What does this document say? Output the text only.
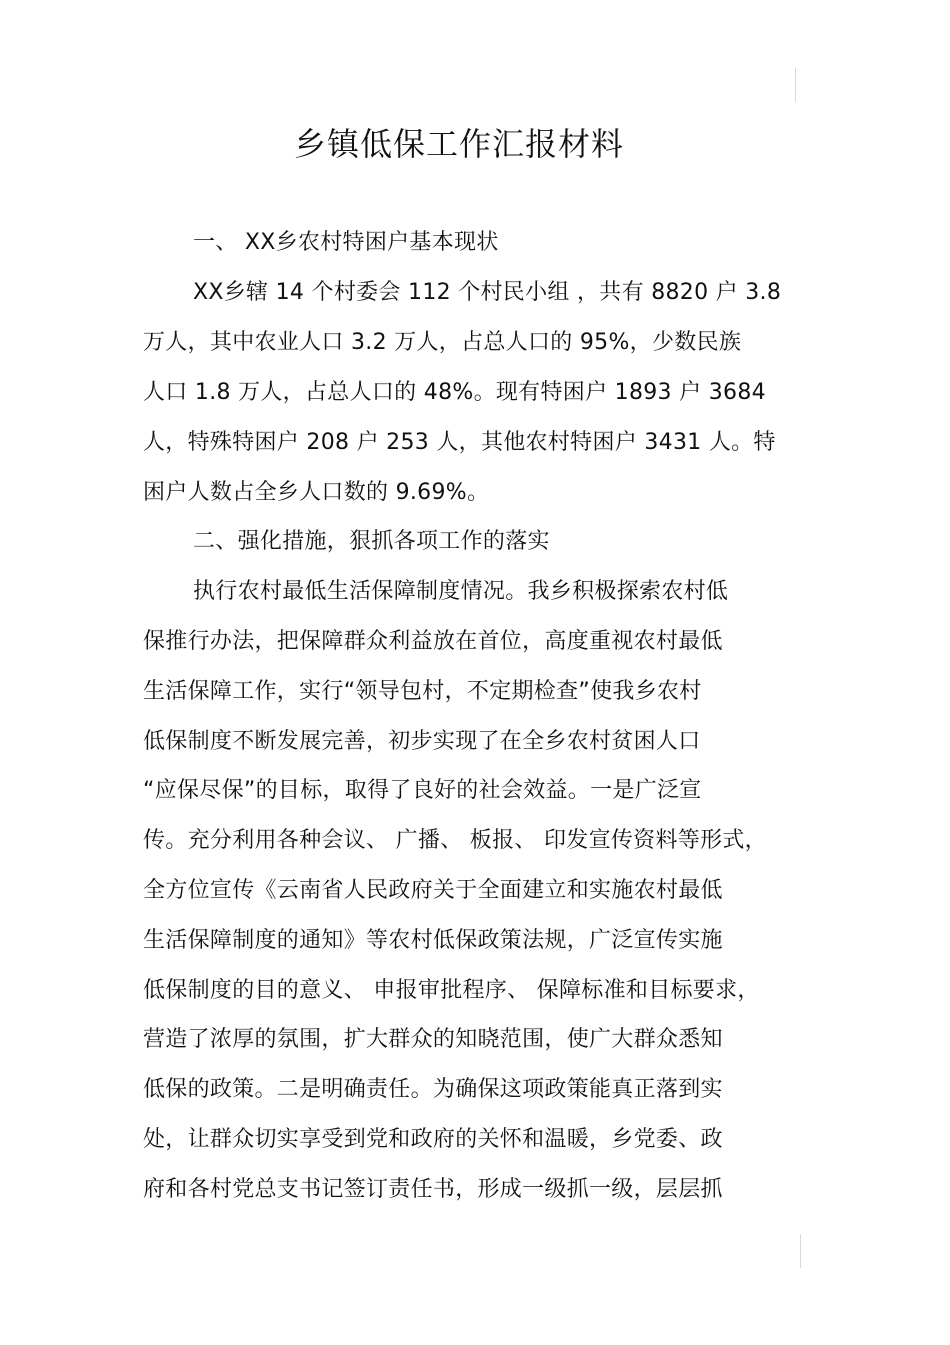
乡镇低保工作汇报材料
一、 XX乡农村特困户基本现状
XX乡辖 14 个村委会 112 个村民小组 ，共有 8820 户 3.8
万人，其中农业人口 3.2 万人，占总人口的 95%，少数民族
人口 1.8 万人，占总人口的 48%。现有特困户 1893 户 3684
人，特殊特困户 208 户 253 人，其他农村特困户 3431 人。特
困户人数占全乡人口数的 9.69%。
二、强化措施，狠抓各项工作的落实
执行农村最低生活保障制度情况。我乡积极探索农村低
保推行办法，把保障群众利益放在首位，高度重视农村最低
生活保障工作，实行“领导包村，不定期检查”使我乡农村
低保制度不断发展完善，初步实现了在全乡农村贫困人口
“应保尽保”的目标，取得了良好的社会效益。一是广泛宣
传。充分利用各种会议、 广播、 板报、 印发宣传资料等形式，
全方位宣传《云南省人民政府关于全面建立和实施农村最低
生活保障制度的通知》等农村低保政策法规，广泛宣传实施
低保制度的目的意义、 申报审批程序、 保障标准和目标要求，
营造了浓厚的氛围，扩大群众的知晓范围，使广大群众悉知
低保的政策。二是明确责任。为确保这项政策能真正落到实
处，让群众切实享受到党和政府的关怀和温暖，乡党委、政
府和各村党总支书记签订责任书，形成一级抓一级，层层抓
